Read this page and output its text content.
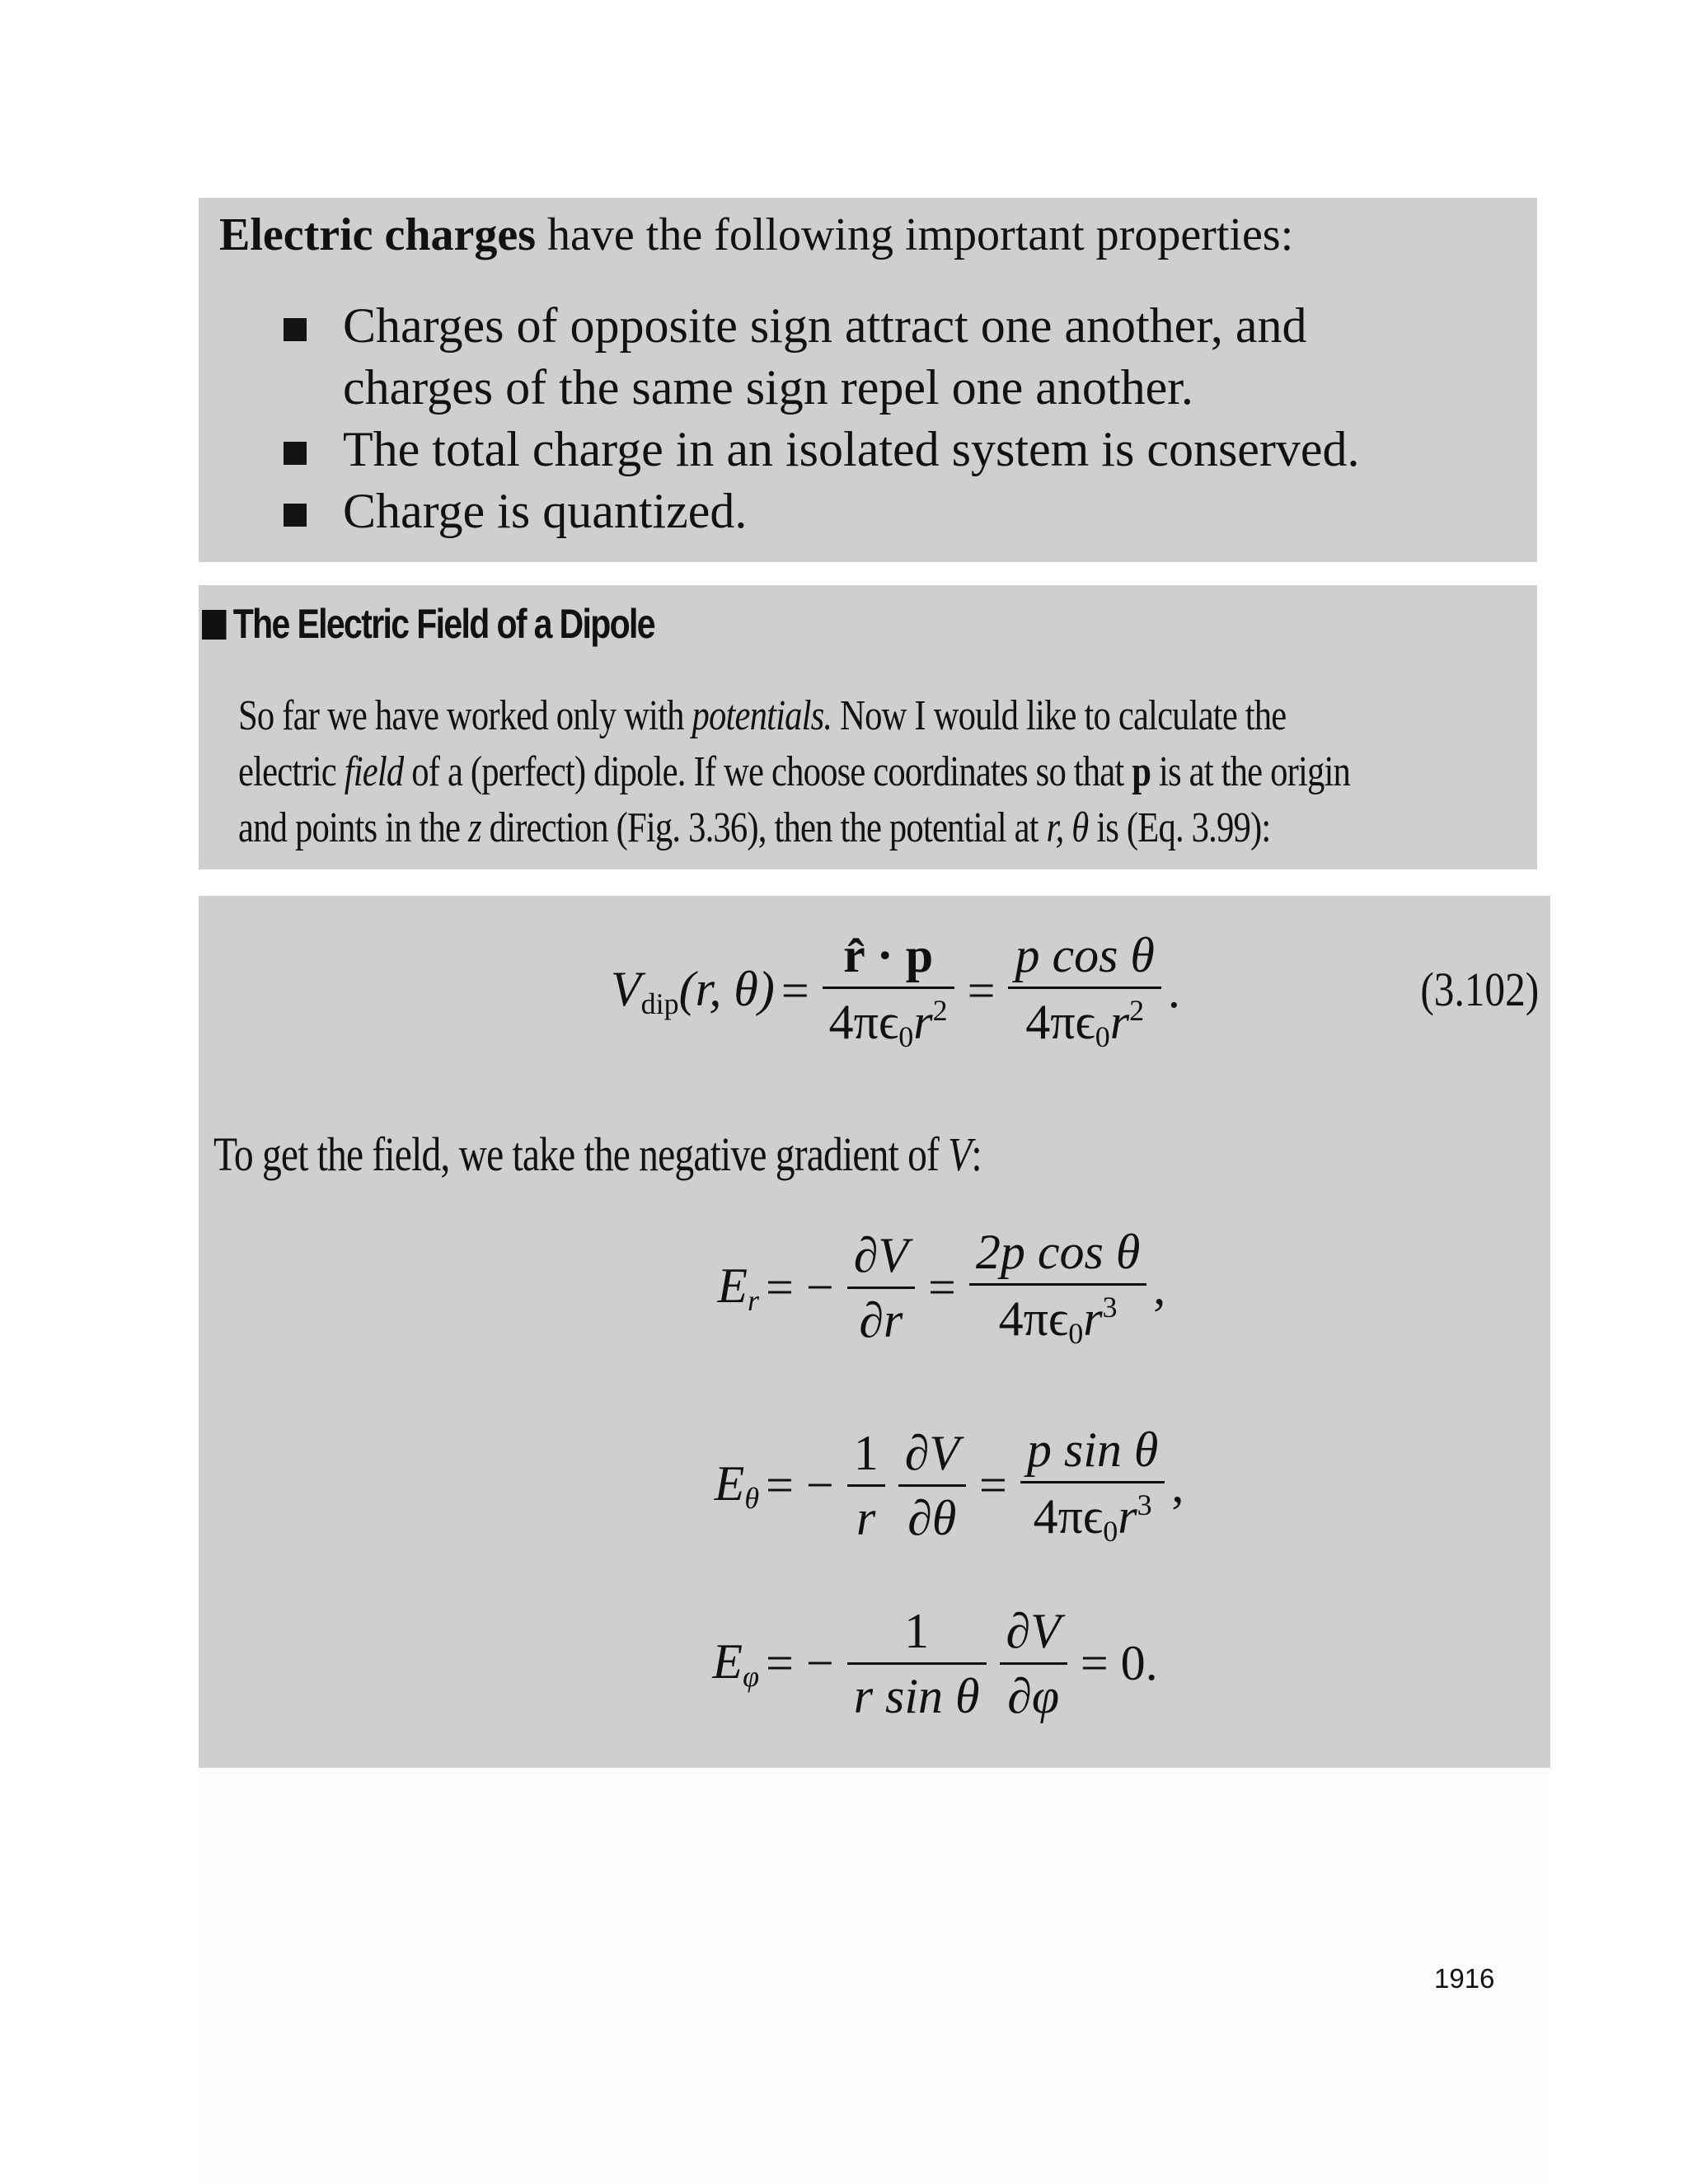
Electric charges have the following important properties:
Charges of opposite sign attract one another, and
charges of the same sign repel one another.
The total charge in an isolated system is conserved.
Charge is quantized.
The Electric Field of a Dipole
So far we have worked only with potentials. Now I would like to calculate the
electric field of a (perfect) dipole. If we choose coordinates so that p is at the origin
and points in the z direction (Fig. 3.36), then the potential at r, θ is (Eq. 3.99):
$V_{dip}(r$, $\theta) = \frac{r̂ \cdot p}{4\pi\epsilon_0r^2} = \frac{\text{p cos θ}}{4\pi\epsilon_0r^2}$ .	(3.102)
To get the field, we take the negative gradient of V:
$E_r$ = − $\frac{\partial V}{\partial r} = \frac{\text{2p cos θ}}{4\pi\epsilon_0r^3}$ ,
$E_\theta$ = − $\frac{1}{r} \frac{\partial V}{\partial\theta} = \frac{\text{p sin θ}}{4\pi\epsilon_0r^3}$ ,
$E_\varphi$ = − $\frac{1}{\text{r sin θ}} \frac{\partial V}{\partial\varphi} = 0$.
1916
